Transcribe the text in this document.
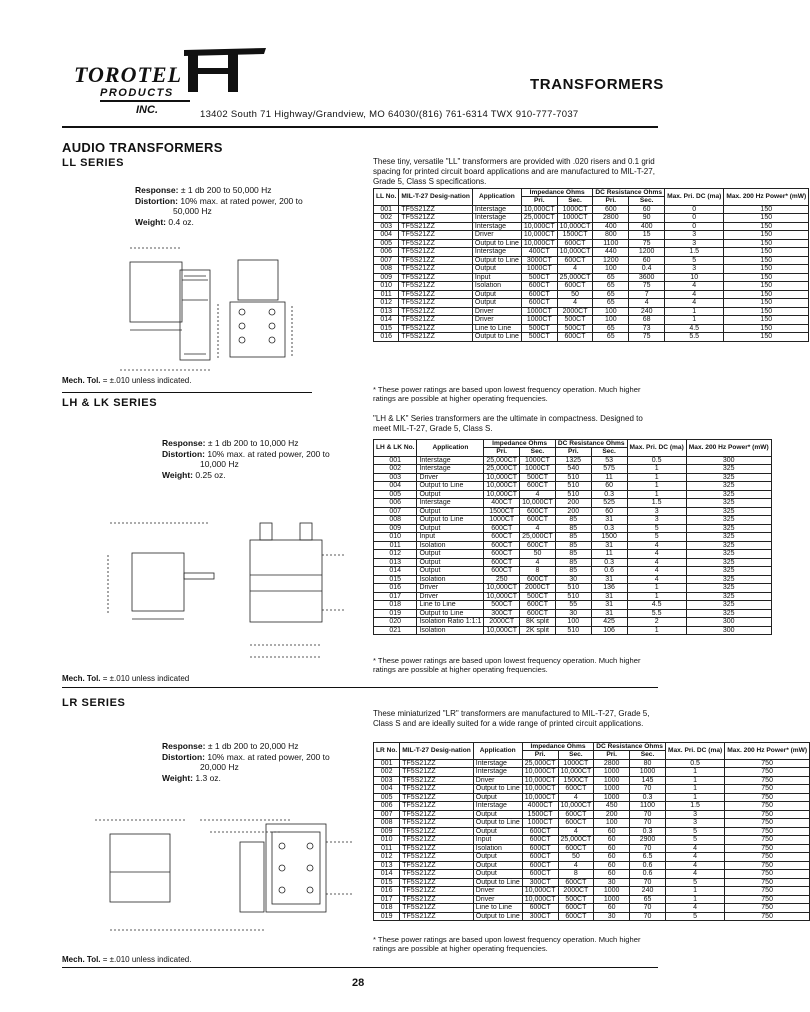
TOROTEL
PRODUCTS
INC.
TRANSFORMERS
13402 South 71 Highway/Grandview, MO 64030/(816) 761-6314 TWX 910-777-7037
AUDIO TRANSFORMERS
LL SERIES
Response: ± 1 db 200 to 50,000 Hz
Distortion: 10% max. at rated power, 200 to
50,000 Hz
Weight: 0.4 oz.
Mech. Tol. = ±.010 unless indicated.
These tiny, versatile "LL" transformers are provided with .020 risers and 0.1 grid spacing for printed circuit board applications and are manufactured to MIL-T-27, Grade 5, Class S specifications.
LL No.	MIL-T-27 Desig-nation	Application	Impedance Ohms		DC Resistance Ohms		Max. Pri. DC (ma)	Max. 200 Hz Power* (mW)
			Pri.	Sec.	Pri.	Sec.		
001	TF5S21ZZ	Interstage	10,000CT	1000CT	600	60	0	150
002	TF5S21ZZ	Interstage	25,000CT	1000CT	2800	90	0	150
003	TF5S21ZZ	Interstage	10,000CT	10,000CT	400	400	0	150
004	TF5S21ZZ	Driver	10,000CT	1500CT	800	15	3	150
005	TF5S21ZZ	Output to Line	10,000CT	600CT	1100	75	3	150
006	TF5S21ZZ	Interstage	400CT	10,000CT	440	1200	1.5	150
007	TF5S21ZZ	Output to Line	3000CT	600CT	1200	60	5	150
008	TF5S21ZZ	Output	1000CT	4	100	0.4	3	150
009	TF5S21ZZ	Input	500CT	25,000CT	65	3600	10	150
010	TF5S21ZZ	Isolation	600CT	600CT	65	75	4	150
011	TF5S21ZZ	Output	600CT	50	65	7	4	150
012	TF5S21ZZ	Output	600CT	4	65	4	4	150
013	TF5S21ZZ	Driver	1000CT	2000CT	100	240	1	150
014	TF5S21ZZ	Driver	1000CT	500CT	100	68	1	150
015	TF5S21ZZ	Line to Line	500CT	500CT	65	73	4.5	150
016	TF5S21ZZ	Output to Line	500CT	600CT	65	75	5.5	150
* These power ratings are based upon lowest frequency operation. Much higher ratings are possible at higher operating frequencies.
LH & LK SERIES
Response: ± 1 db 200 to 10,000 Hz
Distortion: 10% max. at rated power, 200 to
10,000 Hz
Weight: 0.25 oz.
Mech. Tol. = ±.010 unless indicated
"LH & LK" Series transformers are the ultimate in compactness. Designed to meet MIL-T-27, Grade 5, Class S.
LH & LK No.	Application	Impedance Ohms		DC Resistance Ohms		Max. Pri. DC (ma)	Max. 200 Hz Power* (mW)
		Pri.	Sec.	Pri.	Sec.		
001	Interstage	25,000CT	1000CT	1325	53	0.5	300
002	Interstage	25,000CT	1000CT	540	575	1	325
003	Driver	10,000CT	500CT	510	11	1	325
004	Output to Line	10,000CT	600CT	510	60	1	325
005	Output	10,000CT	4	510	0.3	1	325
006	Interstage	400CT	10,000CT	200	525	1.5	325
007	Output	1500CT	600CT	200	60	3	325
008	Output to Line	1000CT	600CT	85	31	3	325
009	Output	600CT	4	85	0.3	5	325
010	Input	600CT	25,000CT	85	1500	5	325
011	Isolation	600CT	600CT	85	31	4	325
012	Output	600CT	50	85	11	4	325
013	Output	600CT	4	85	0.3	4	325
014	Output	600CT	8	85	0.6	4	325
015	Isolation	250	600CT	30	31	4	325
016	Driver	10,000CT	2000CT	510	136	1	325
017	Driver	10,000CT	500CT	510	31	1	325
018	Line to Line	500CT	600CT	55	31	4.5	325
019	Output to Line	300CT	600CT	30	31	5.5	325
020	Isolation Ratio 1:1:1	2000CT	8K split	100	425	2	300
021	Isolation	10,000CT	2K split	510	106	1	300
* These power ratings are based upon lowest frequency operation. Much higher ratings are possible at higher operating frequencies.
LR SERIES
Response: ± 1 db 200 to 20,000 Hz
Distortion: 10% max. at rated power, 200 to
20,000 Hz
Weight: 1.3 oz.
Mech. Tol. = ±.010 unless indicated.
These miniaturized "LR" transformers are manufactured to MIL-T-27, Grade 5, Class S and are ideally suited for a wide range of printed circuit applications.
LR No.	MIL-T-27 Desig-nation	Application	Impedance Ohms		DC Resistance Ohms		Max. Pri. DC (ma)	Max. 200 Hz Power* (mW)
			Pri.	Sec.	Pri.	Sec.		
001	TF5S21ZZ	Interstage	25,000CT	1000CT	2800	80	0.5	750
002	TF5S21ZZ	Interstage	10,000CT	10,000CT	1000	1000	1	750
003	TF5S21ZZ	Driver	10,000CT	1500CT	1000	145	1	750
004	TF5S21ZZ	Output to Line	10,000CT	600CT	1000	70	1	750
005	TF5S21ZZ	Output	10,000CT	4	1000	0.3	1	750
006	TF5S21ZZ	Interstage	4000CT	10,000CT	450	1100	1.5	750
007	TF5S21ZZ	Output	1500CT	600CT	200	70	3	750
008	TF5S21ZZ	Output to Line	1000CT	600CT	100	70	3	750
009	TF5S21ZZ	Output	600CT	4	60	0.3	5	750
010	TF5S21ZZ	Input	600CT	25,000CT	60	2900	5	750
011	TF5S21ZZ	Isolation	600CT	600CT	60	70	4	750
012	TF5S21ZZ	Output	600CT	50	60	6.5	4	750
013	TF5S21ZZ	Output	600CT	4	60	0.6	4	750
014	TF5S21ZZ	Output	600CT	8	60	0.6	4	750
015	TF5S21ZZ	Output to Line	300CT	600CT	30	70	5	750
016	TF5S21ZZ	Driver	10,000CT	2000CT	1000	240	1	750
017	TF5S21ZZ	Driver	10,000CT	500CT	1000	65	1	750
018	TF5S21ZZ	Line to Line	600CT	600CT	60	70	4	750
019	TF5S21ZZ	Output to Line	300CT	600CT	30	70	5	750
* These power ratings are based upon lowest frequency operation. Much higher ratings are possible at higher operating frequencies.
28
